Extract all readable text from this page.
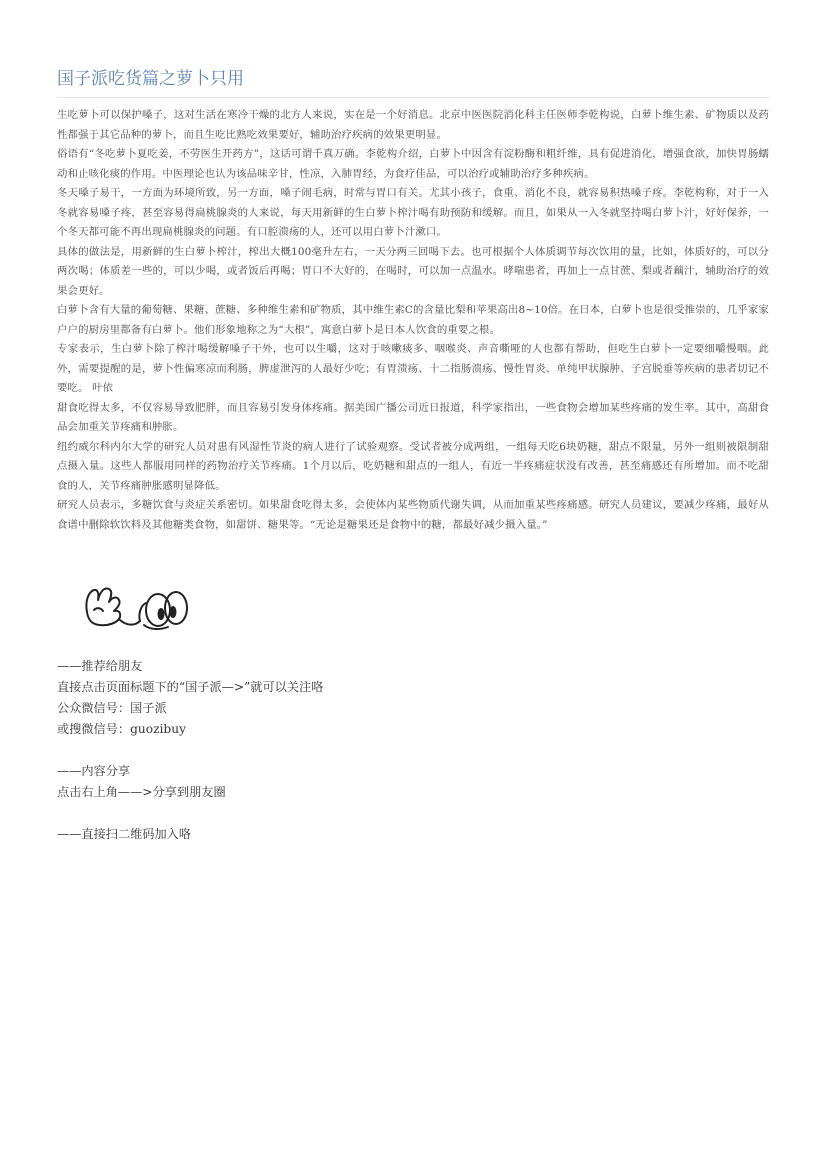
国子派吃货篇之萝卜只用

生吃萝卜可以保护嗓子，这对生活在寒冷干燥的北方人来说，实在是一个好消息。北京中医医院消化科主任医师李乾构说，白萝卜维生素、矿物质以及药性都强于其它品种的萝卜，而且生吃比熟吃效果要好，辅助治疗疾病的效果更明显。

俗语有“冬吃萝卜夏吃姜，不劳医生开药方”，这话可谓千真万确。李乾构介绍，白萝卜中因含有淀粉酶和粗纤维，具有促进消化，增强食欲，加快胃肠蠕动和止咳化痰的作用。中医理论也认为该品味辛甘，性凉，入肺胃经，为食疗佳品，可以治疗或辅助治疗多种疾病。

冬天嗓子易干，一方面为环境所致，另一方面，嗓子闹毛病，时常与胃口有关。尤其小孩子，食重、消化不良，就容易积热嗓子疼。李乾构称，对于一入冬就容易嗓子疼，甚至容易得扁桃腺炎的人来说，每天用新鲜的生白萝卜榨汁喝有助预防和缓解。而且，如果从一入冬就坚持喝白萝卜汁，好好保养，一个冬天都可能不再出现扁桃腺炎的问题。有口腔溃疡的人，还可以用白萝卜汁漱口。

具体的做法是，用新鲜的生白萝卜榨汁，榨出大概100毫升左右，一天分两三回喝下去。也可根据个人体质调节每次饮用的量，比如，体质好的，可以分两次喝；体质差一些的，可以少喝，或者饭后再喝；胃口不大好的，在喝时，可以加一点温水。哮喘患者，再加上一点甘蔗、梨或者藕汁，辅助治疗的效果会更好。

白萝卜含有大量的葡萄糖、果糖、蔗糖、多种维生素和矿物质，其中维生素C的含量比梨和苹果高出8~10倍。在日本，白萝卜也是很受推崇的，几乎家家户户的厨房里都备有白萝卜。他们形象地称之为“大根”，寓意白萝卜是日本人饮食的重要之根。

专家表示，生白萝卜除了榨汁喝缓解嗓子干外，也可以生嚼，这对于咳嗽痰多、咽喉炎、声音嘶哑的人也都有帮助，但吃生白萝卜一定要细嚼慢咽。此外，需要提醒的是，萝卜性偏寒凉而利肠，脾虚泄泻的人最好少吃；有胃溃疡、十二指肠溃疡、慢性胃炎、单纯甲状腺肿、子宫脱垂等疾病的患者切记不要吃。 叶依

甜食吃得太多，不仅容易导致肥胖，而且容易引发身体疼痛。据美国广播公司近日报道，科学家指出，一些食物会增加某些疼痛的发生率。其中，高甜食品会加重关节疼痛和肿胀。

纽约威尔科内尔大学的研究人员对患有风湿性节炎的病人进行了试验观察。受试者被分成两组，一组每天吃6块奶糖，甜点不限量，另外一组则被限制甜点摄入量。这些人都服用同样的药物治疗关节疼痛。1个月以后，吃奶糖和甜点的一组人，有近一半疼痛症状没有改善，甚至痛感还有所增加。而不吃甜食的人，关节疼痛肿胀感明显降低。

研究人员表示，多糖饮食与炎症关系密切。如果甜食吃得太多，会使体内某些物质代谢失调，从而加重某些疼痛感。研究人员建议，要减少疼痛，最好从食谱中删除软饮料及其他糖类食物，如甜饼、糖果等。“无论是糖果还是食物中的糖，都最好减少摄入量。”

——推荐给朋友

直接点击页面标题下的“国子派—>”就可以关注咯

公众微信号：国子派

或搜微信号：guozibuy

——内容分享

点击右上角——>分享到朋友圈

——直接扫二维码加入咯
